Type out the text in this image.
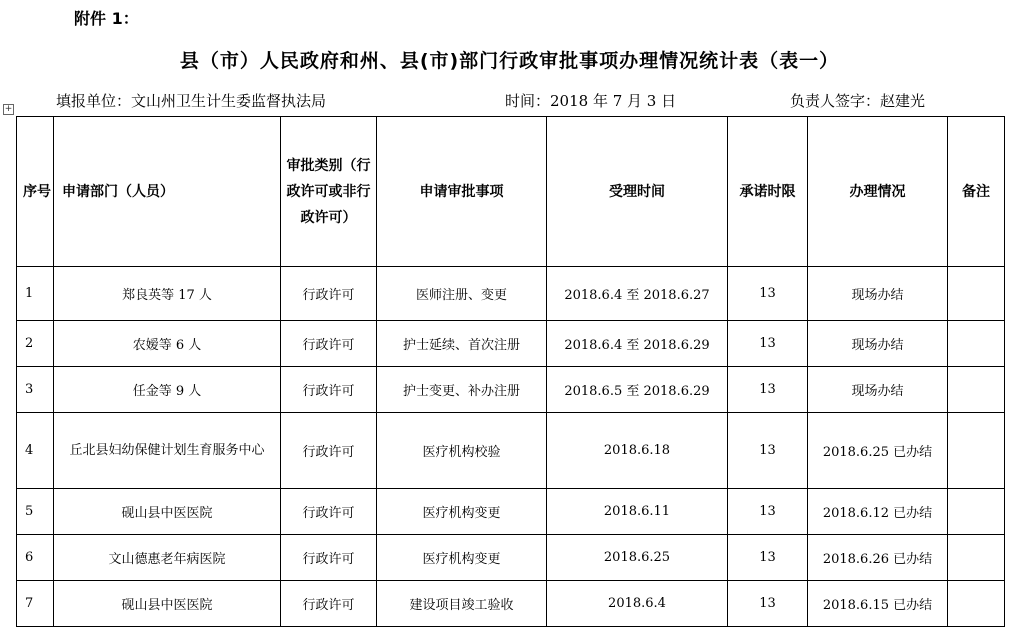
附件 1：
县（市）人民政府和州、县(市)部门行政审批事项办理情况统计表（表一）
填报单位：文山州卫生计生委监督执法局	时间：2018 年 7 月 3 日	负责人签字：赵建光
+
序号	申请部门（人员）	审批类别（行政许可或非行政许可）	申请审批事项	受理时间	承诺时限	办理情况	备注
1	郑良英等 17 人	行政许可	医师注册、变更	2018.6.4 至 2018.6.27	13	现场办结	
2	农嫒等 6 人	行政许可	护士延续、首次注册	2018.6.4 至 2018.6.29	13	现场办结	
3	任金等 9 人	行政许可	护士变更、补办注册	2018.6.5 至 2018.6.29	13	现场办结	
4	丘北县妇幼保健计划生育服务中心	行政许可	医疗机构校验	2018.6.18	13	2018.6.25 已办结	
5	砚山县中医医院	行政许可	医疗机构变更	2018.6.11	13	2018.6.12 已办结	
6	文山德惠老年病医院	行政许可	医疗机构变更	2018.6.25	13	2018.6.26 已办结	
7	砚山县中医医院	行政许可	建设项目竣工验收	2018.6.4	13	2018.6.15 已办结	
